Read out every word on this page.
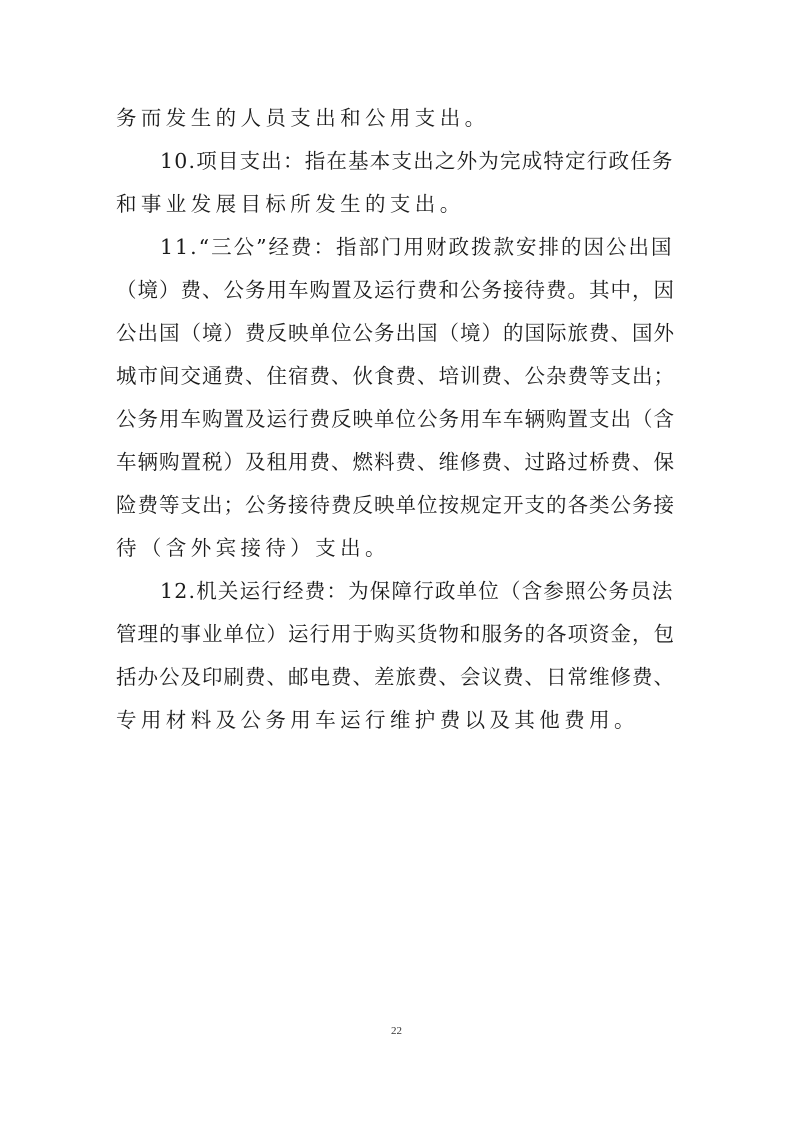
务而发生的人员支出和公用支出。
10.项目支出：指在基本支出之外为完成特定行政任务
和事业发展目标所发生的支出。
11.“三公”经费：指部门用财政拨款安排的因公出国
（境）费、公务用车购置及运行费和公务接待费。其中，因
公出国（境）费反映单位公务出国（境）的国际旅费、国外
城市间交通费、住宿费、伙食费、培训费、公杂费等支出；
公务用车购置及运行费反映单位公务用车车辆购置支出（含
车辆购置税）及租用费、燃料费、维修费、过路过桥费、保
险费等支出；公务接待费反映单位按规定开支的各类公务接
待（含外宾接待）支出。
12.机关运行经费：为保障行政单位（含参照公务员法
管理的事业单位）运行用于购买货物和服务的各项资金，包
括办公及印刷费、邮电费、差旅费、会议费、日常维修费、
专用材料及公务用车运行维护费以及其他费用。
22
